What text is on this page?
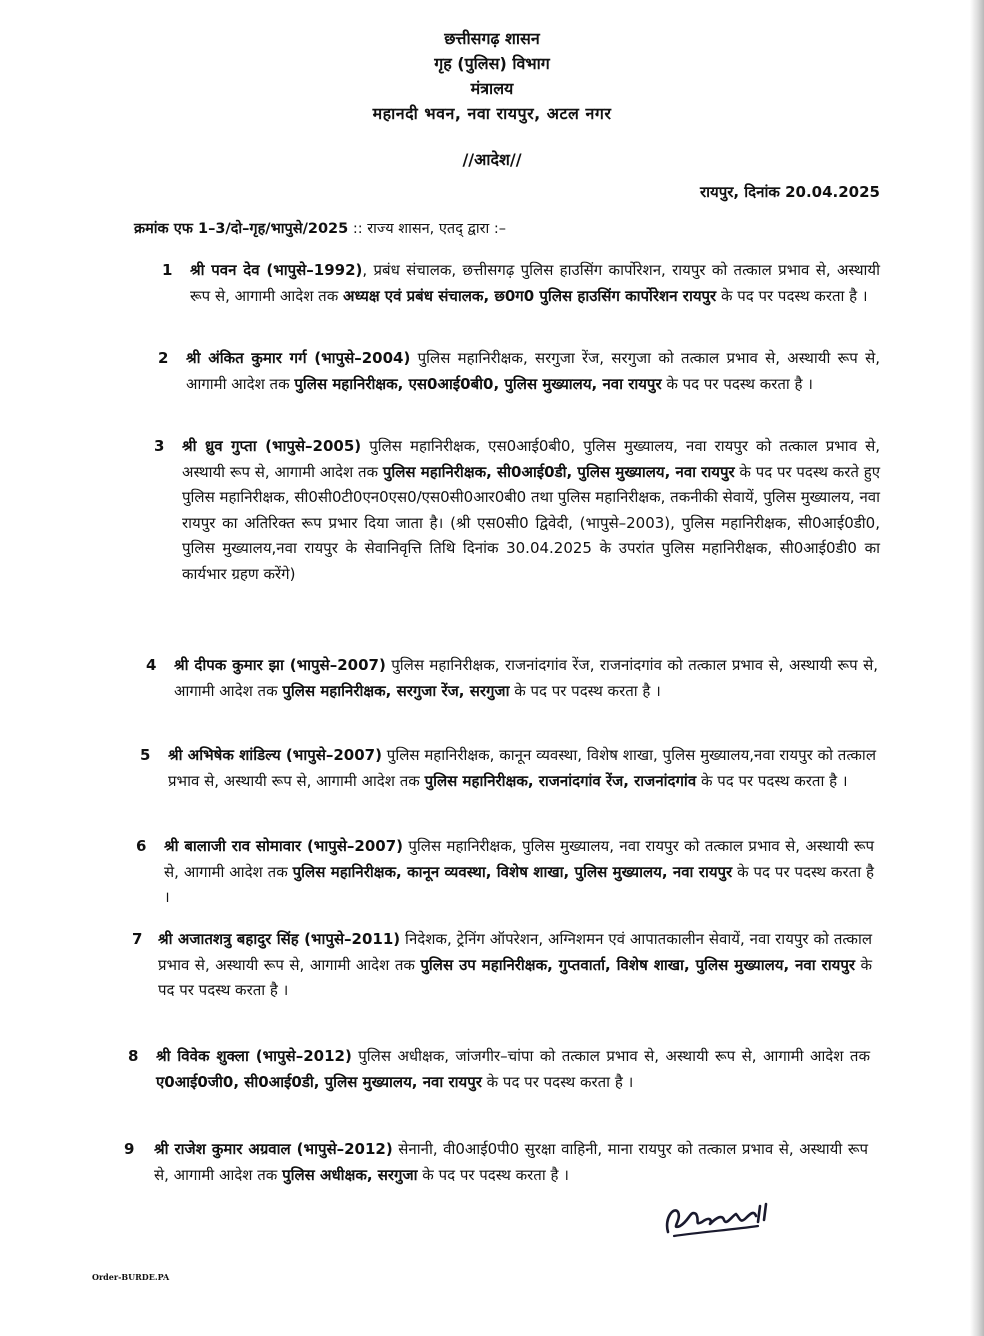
छत्तीसगढ़ शासन
गृह (पुलिस) विभाग
मंत्रालय
महानदी भवन, नवा रायपुर, अटल नगर
//आदेश//
रायपुर, दिनांक 20.04.2025
क्रमांक एफ 1–3/दो–गृह/भापुसे/2025 :: राज्य शासन, एतद् द्वारा :–
1 श्री पवन देव (भापुसे–1992), प्रबंध संचालक, छत्तीसगढ़ पुलिस हाउसिंग कार्पोरेशन, रायपुर को तत्काल प्रभाव से, अस्थायी रूप से, आगामी आदेश तक अध्यक्ष एवं प्रबंध संचालक, छ0ग0 पुलिस हाउसिंग कार्पोरेशन रायपुर के पद पर पदस्थ करता है ।
2 श्री अंकित कुमार गर्ग (भापुसे–2004) पुलिस महानिरीक्षक, सरगुजा रेंज, सरगुजा को तत्काल प्रभाव से, अस्थायी रूप से, आगामी आदेश तक पुलिस महानिरीक्षक, एस0आई0बी0, पुलिस मुख्यालय, नवा रायपुर के पद पर पदस्थ करता है ।
3 श्री ध्रुव गुप्ता (भापुसे–2005) पुलिस महानिरीक्षक, एस0आई0बी0, पुलिस मुख्यालय, नवा रायपुर को तत्काल प्रभाव से, अस्थायी रूप से, आगामी आदेश तक पुलिस महानिरीक्षक, सी0आई0डी, पुलिस मुख्यालय, नवा रायपुर के पद पर पदस्थ करते हुए पुलिस महानिरीक्षक, सी0सी0टी0एन0एस0/एस0सी0आर0बी0 तथा पुलिस महानिरीक्षक, तकनीकी सेवायें, पुलिस मुख्यालय, नवा रायपुर का अतिरिक्त रूप प्रभार दिया जाता है। (श्री एस0सी0 द्विवेदी, (भापुसे–2003), पुलिस महानिरीक्षक, सी0आई0डी0, पुलिस मुख्यालय,नवा रायपुर के सेवानिवृत्ति तिथि दिनांक 30.04.2025 के उपरांत पुलिस महानिरीक्षक, सी0आई0डी0 का कार्यभार ग्रहण करेंगे)
4 श्री दीपक कुमार झा (भापुसे–2007) पुलिस महानिरीक्षक, राजनांदगांव रेंज, राजनांदगांव को तत्काल प्रभाव से, अस्थायी रूप से, आगामी आदेश तक पुलिस महानिरीक्षक, सरगुजा रेंज, सरगुजा के पद पर पदस्थ करता है ।
5 श्री अभिषेक शांडिल्य (भापुसे–2007) पुलिस महानिरीक्षक, कानून व्यवस्था, विशेष शाखा, पुलिस मुख्यालय,नवा रायपुर को तत्काल प्रभाव से, अस्थायी रूप से, आगामी आदेश तक पुलिस महानिरीक्षक, राजनांदगांव रेंज, राजनांदगांव के पद पर पदस्थ करता है ।
6 श्री बालाजी राव सोमावार (भापुसे–2007) पुलिस महानिरीक्षक, पुलिस मुख्यालय, नवा रायपुर को तत्काल प्रभाव से, अस्थायी रूप से, आगामी आदेश तक पुलिस महानिरीक्षक, कानून व्यवस्था, विशेष शाखा, पुलिस मुख्यालय, नवा रायपुर के पद पर पदस्थ करता है ।
7 श्री अजातशत्रु बहादुर सिंह (भापुसे–2011) निदेशक, ट्रेनिंग ऑपरेशन, अग्निशमन एवं आपातकालीन सेवायें, नवा रायपुर को तत्काल प्रभाव से, अस्थायी रूप से, आगामी आदेश तक पुलिस उप महानिरीक्षक, गुप्तवार्ता, विशेष शाखा, पुलिस मुख्यालय, नवा रायपुर के पद पर पदस्थ करता है ।
8 श्री विवेक शुक्ला (भापुसे–2012) पुलिस अधीक्षक, जांजगीर–चांपा को तत्काल प्रभाव से, अस्थायी रूप से, आगामी आदेश तक ए0आई0जी0, सी0आई0डी, पुलिस मुख्यालय, नवा रायपुर के पद पर पदस्थ करता है ।
9 श्री राजेश कुमार अग्रवाल (भापुसे–2012) सेनानी, वी0आई0पी0 सुरक्षा वाहिनी, माना रायपुर को तत्काल प्रभाव से, अस्थायी रूप से, आगामी आदेश तक पुलिस अधीक्षक, सरगुजा के पद पर पदस्थ करता है ।
Order-BURDE.PA
